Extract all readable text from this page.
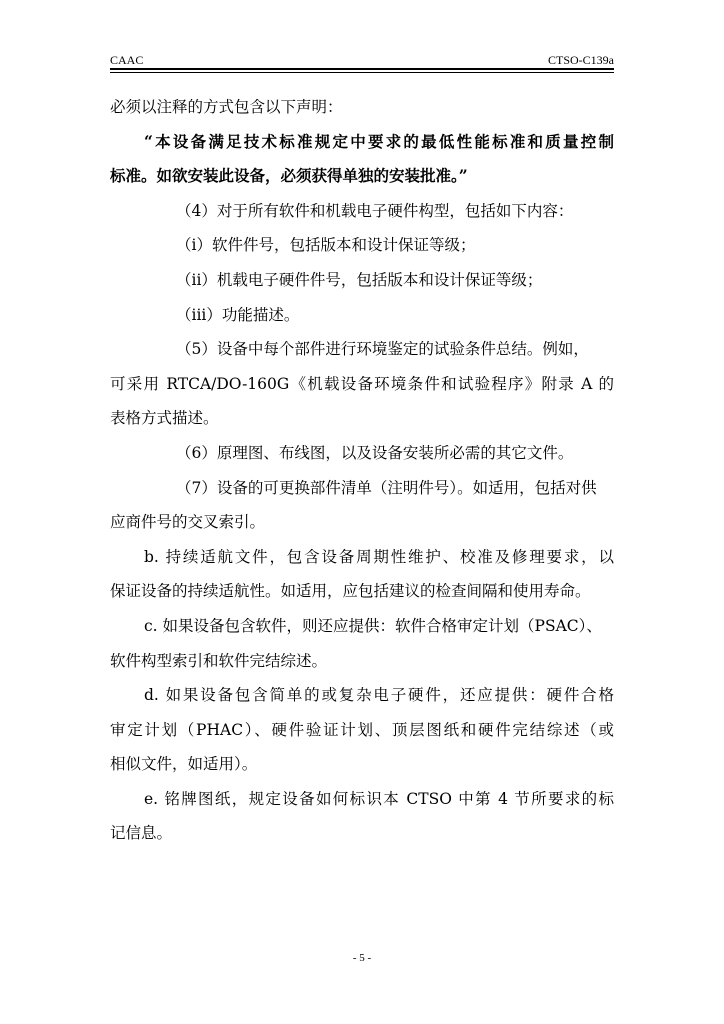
CAAC	CTSO-C139a
必须以注释的方式包含以下声明：
“本设备满足技术标准规定中要求的最低性能标准和质量控制
标准。如欲安装此设备，必须获得单独的安装批准。”
（4）对于所有软件和机载电子硬件构型，包括如下内容：
（i）软件件号，包括版本和设计保证等级；
（ii）机载电子硬件件号，包括版本和设计保证等级；
（iii）功能描述。
（5）设备中每个部件进行环境鉴定的试验条件总结。例如，
可采用 RTCA/DO-160G《机载设备环境条件和试验程序》附录 A 的
表格方式描述。
（6）原理图、布线图，以及设备安装所必需的其它文件。
（7）设备的可更换部件清单（注明件号）。如适用，包括对供
应商件号的交叉索引。
b. 持续适航文件，包含设备周期性维护、校准及修理要求，以
保证设备的持续适航性。如适用，应包括建议的检查间隔和使用寿命。
c. 如果设备包含软件，则还应提供：软件合格审定计划（PSAC）、
软件构型索引和软件完结综述。
d. 如果设备包含简单的或复杂电子硬件，还应提供：硬件合格
审定计划（PHAC）、硬件验证计划、顶层图纸和硬件完结综述（或
相似文件，如适用）。
e. 铭牌图纸，规定设备如何标识本 CTSO 中第 4 节所要求的标
记信息。
- 5 -
